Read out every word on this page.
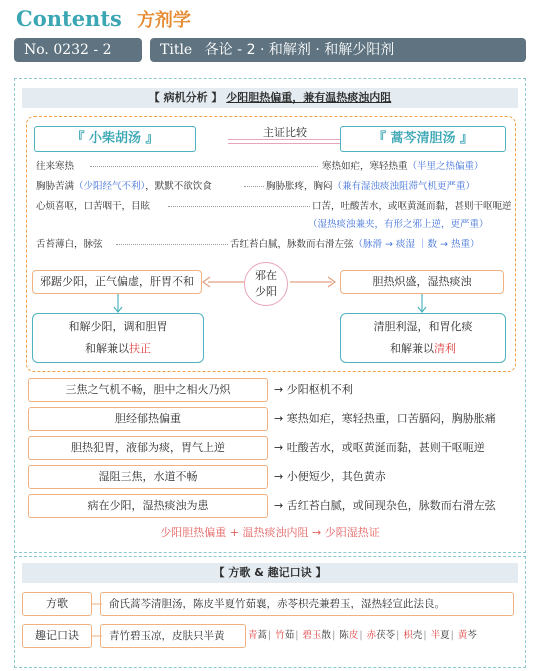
Contents 方剂学
No. 0232 - 2	Title 各论 - 2 · 和解剂 · 和解少阳剂
【 病机分析 】 少阳胆热偏重，兼有温热痰浊内阻
『 小柴胡汤 』	『 蒿芩清胆汤 』
主证比较
往来寒热	寒热如疟，寒轻热重（半里之热偏重）
胸胁苦满（少阳经气不利），默默不欲饮食	胸胁胀疼，胸闷（兼有湿浊痰浊阻滞气机更严重）
心烦喜呕，口苦咽干，目眩	口苦，吐酸苦水，或呕黄涎而黏，甚则干呕呃逆
（湿热痰浊兼夹，有形之邪上逆，更严重）
舌苔薄白，脉弦	舌红苔白腻，脉数而右滑左弦（脉滑 → 痰湿 ｜数 → 热重）
邪踞少阳，正气偏虚，肝胃不和	胆热炽盛，湿热痰浊
邪在
少阳
和解少阳，调和胆胃
和解兼以扶正
清胆利湿，和胃化痰
和解兼以清利
三焦之气机不畅，胆中之相火乃炽	→ 少阳枢机不利
胆经郁热偏重	→ 寒热如疟，寒轻热重，口苦膈闷，胸胁胀痛
胆热犯胃，液郁为痰，胃气上逆	→ 吐酸苦水，或呕黄涎而黏，甚则干呕呃逆
湿阻三焦，水道不畅	→ 小便短少，其色黄赤
病在少阳，湿热痰浊为患	→ 舌红苔白腻，或间现杂色，脉数而右滑左弦
少阳胆热偏重 + 温热痰浊内阻 → 少阳湿热证
【 方歌 & 趣记口诀 】
方歌	俞氏蒿芩清胆汤，陈皮半夏竹茹襄，赤苓枳壳兼碧玉，湿热轻宣此法良。
趣记口诀	青竹碧玉凉，皮肤只半黄	青蒿| 竹茹| 碧玉散| 陈皮| 赤茯苓| 枳壳| 半夏| 黄芩
